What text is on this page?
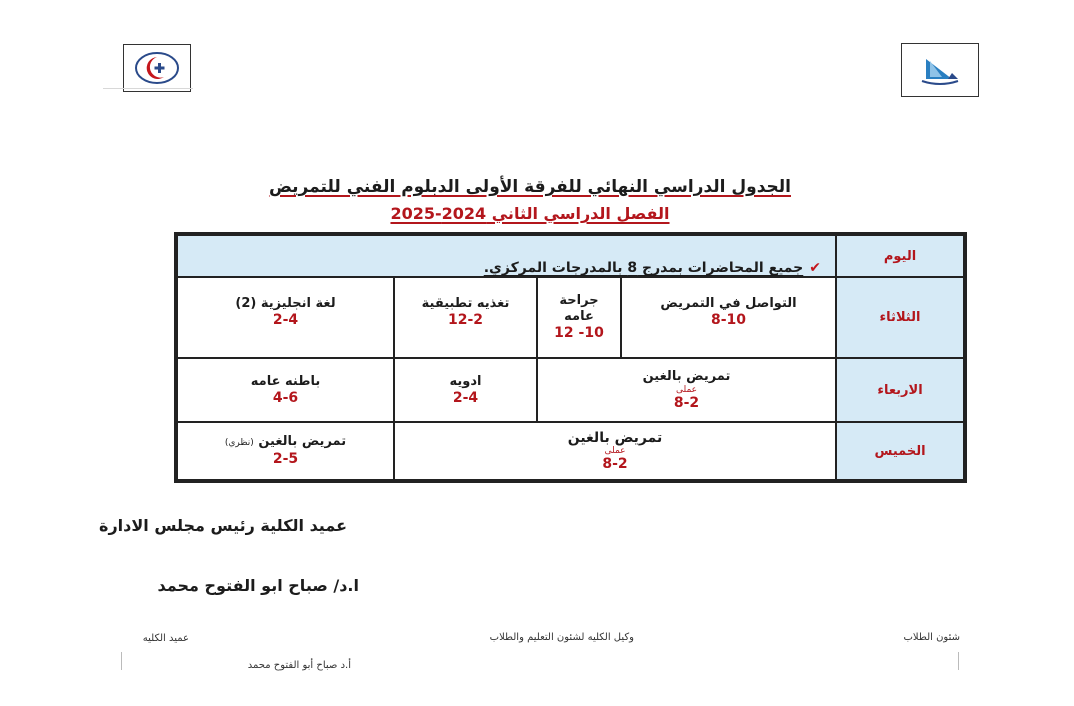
الجدول الدراسي النهائي للفرقة الأولى الدبلوم الفني للتمريض
الفصل الدراسي الثاني 2024-2025
اليوم
✔
جميع المحاضرات بمدرج 8 بالمدرجات المركزي.
الثلاثاء
التواصل في التمريض
8-10
جراحة عامه
10- 12
تغذيه تطبيقية
12-2
لغة انجليزية (2)
2-4
الاربعاء
تمريض بالغين
عملى
8-2
ادويه
2-4
باطنه عامه
4-6
الخميس
تمريض بالغين
عملى
8-2
تمريض بالغين (نظري)
2-5
عميد الكلية رئيس مجلس الادارة
ا.د/ صباح ابو الفتوح محمد
شئون الطلاب
وكيل الكليه لشئون التعليم والطلاب
عميد الكليه
أ.د صباح أبو الفتوح محمد
